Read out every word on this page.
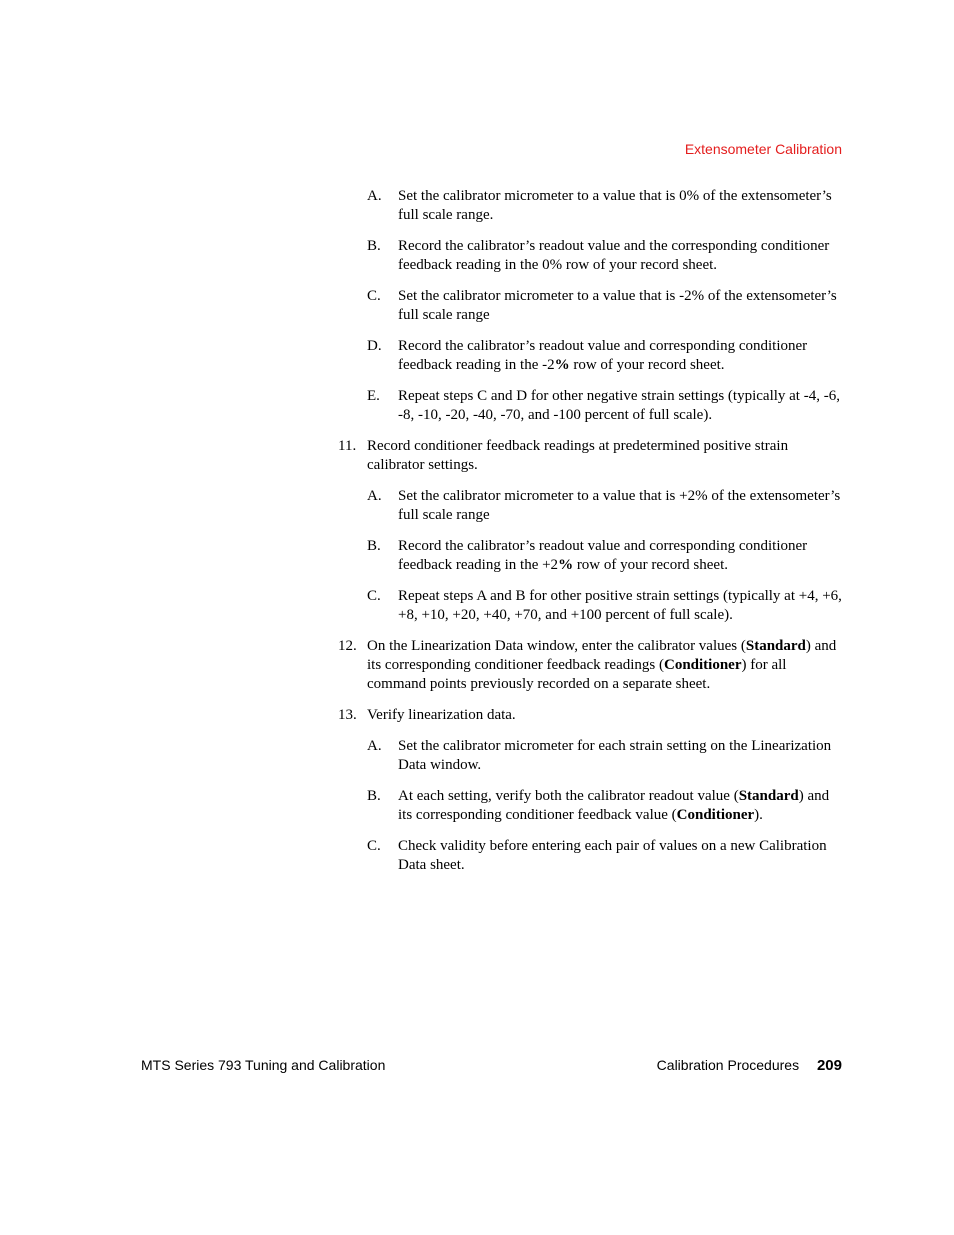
Extensometer Calibration
A. Set the calibrator micrometer to a value that is 0% of the extensometer’s full scale range.
B. Record the calibrator’s readout value and the corresponding conditioner feedback reading in the 0% row of your record sheet.
C. Set the calibrator micrometer to a value that is -2% of the extensometer’s full scale range
D. Record the calibrator’s readout value and corresponding conditioner feedback reading in the -2% row of your record sheet.
E. Repeat steps C and D for other negative strain settings (typically at -4, -6, -8, -10, -20, -40, -70, and -100 percent of full scale).
11. Record conditioner feedback readings at predetermined positive strain calibrator settings.
A. Set the calibrator micrometer to a value that is +2% of the extensometer’s full scale range
B. Record the calibrator’s readout value and corresponding conditioner feedback reading in the +2% row of your record sheet.
C. Repeat steps A and B for other positive strain settings (typically at +4, +6, +8, +10, +20, +40, +70, and +100 percent of full scale).
12. On the Linearization Data window, enter the calibrator values (Standard) and its corresponding conditioner feedback readings (Conditioner) for all command points previously recorded on a separate sheet.
13. Verify linearization data.
A. Set the calibrator micrometer for each strain setting on the Linearization Data window.
B. At each setting, verify both the calibrator readout value (Standard) and its corresponding conditioner feedback value (Conditioner).
C. Check validity before entering each pair of values on a new Calibration Data sheet.
MTS Series 793 Tuning and Calibration	Calibration Procedures 209
